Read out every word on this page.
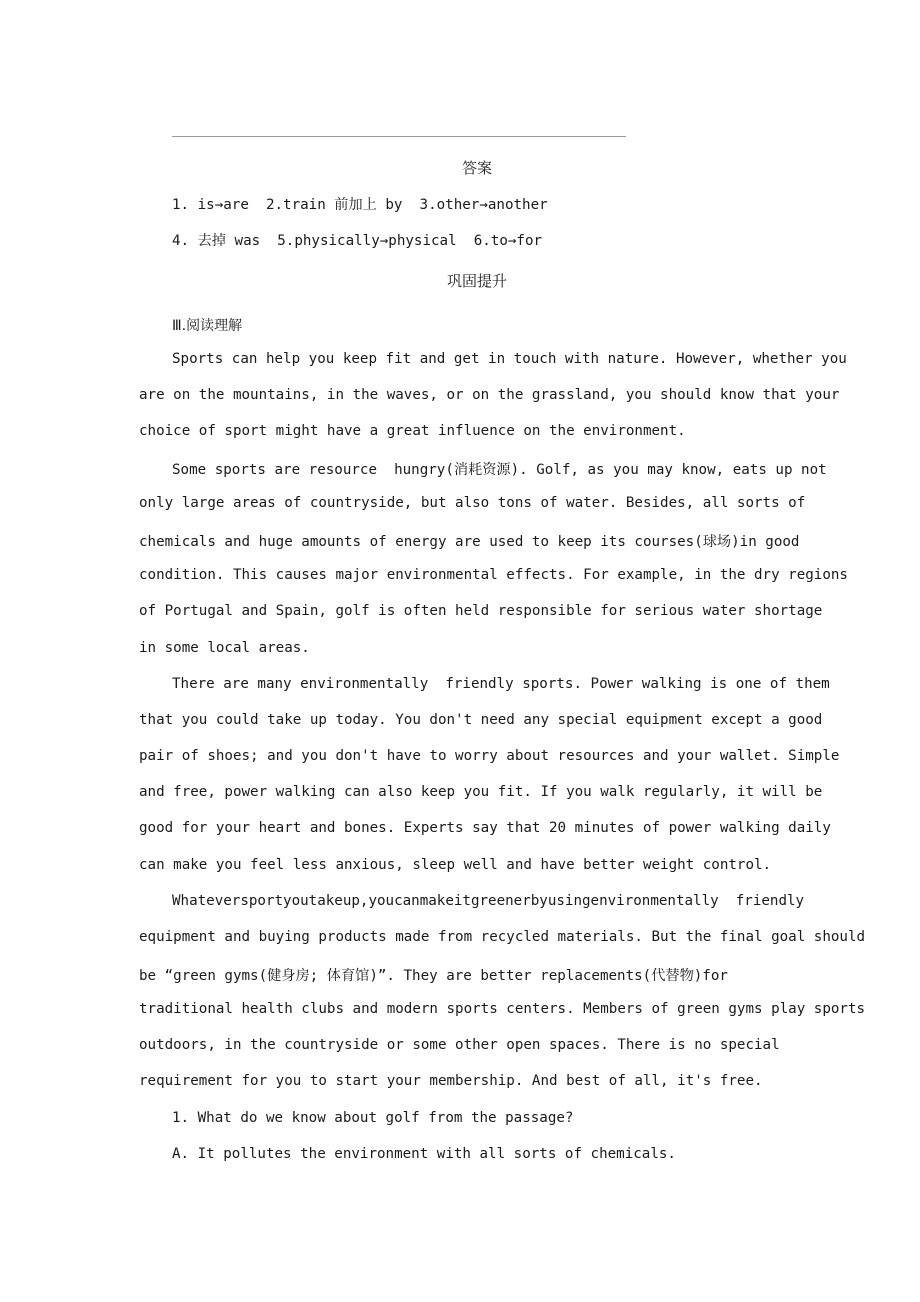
答案
1. is→are  2.train 前加上 by  3.other→another
4. 去掉 was  5.physically→physical  6.to→for
巩固提升
Ⅲ.阅读理解
Sports can help you keep fit and get in touch with nature. However, whether you
are on the mountains, in the waves, or on the grassland, you should know that your
choice of sport might have a great influence on the environment.
Some sports are resource  hungry(消耗资源). Golf, as you may know, eats up not
only large areas of countryside, but also tons of water. Besides, all sorts of
chemicals and huge amounts of energy are used to keep its courses(球场)in good
condition. This causes major environmental effects. For example, in the dry regions
of Portugal and Spain, golf is often held responsible for serious water shortage
in some local areas.
There are many environmentally  friendly sports. Power walking is one of them
that you could take up today. You don't need any special equipment except a good
pair of shoes; and you don't have to worry about resources and your wallet. Simple
and free, power walking can also keep you fit. If you walk regularly, it will be
good for your heart and bones. Experts say that 20 minutes of power walking daily
can make you feel less anxious, sleep well and have better weight control.
Whateversportyoutakeup,youcanmakeitgreenerbyusingenvironmentally  friendly
equipment and buying products made from recycled materials. But the final goal should
be “green gyms(健身房; 体育馆)”. They are better replacements(代替物)for
traditional health clubs and modern sports centers. Members of green gyms play sports
outdoors, in the countryside or some other open spaces. There is no special
requirement for you to start your membership. And best of all, it's free.
1. What do we know about golf from the passage?
A. It pollutes the environment with all sorts of chemicals.
